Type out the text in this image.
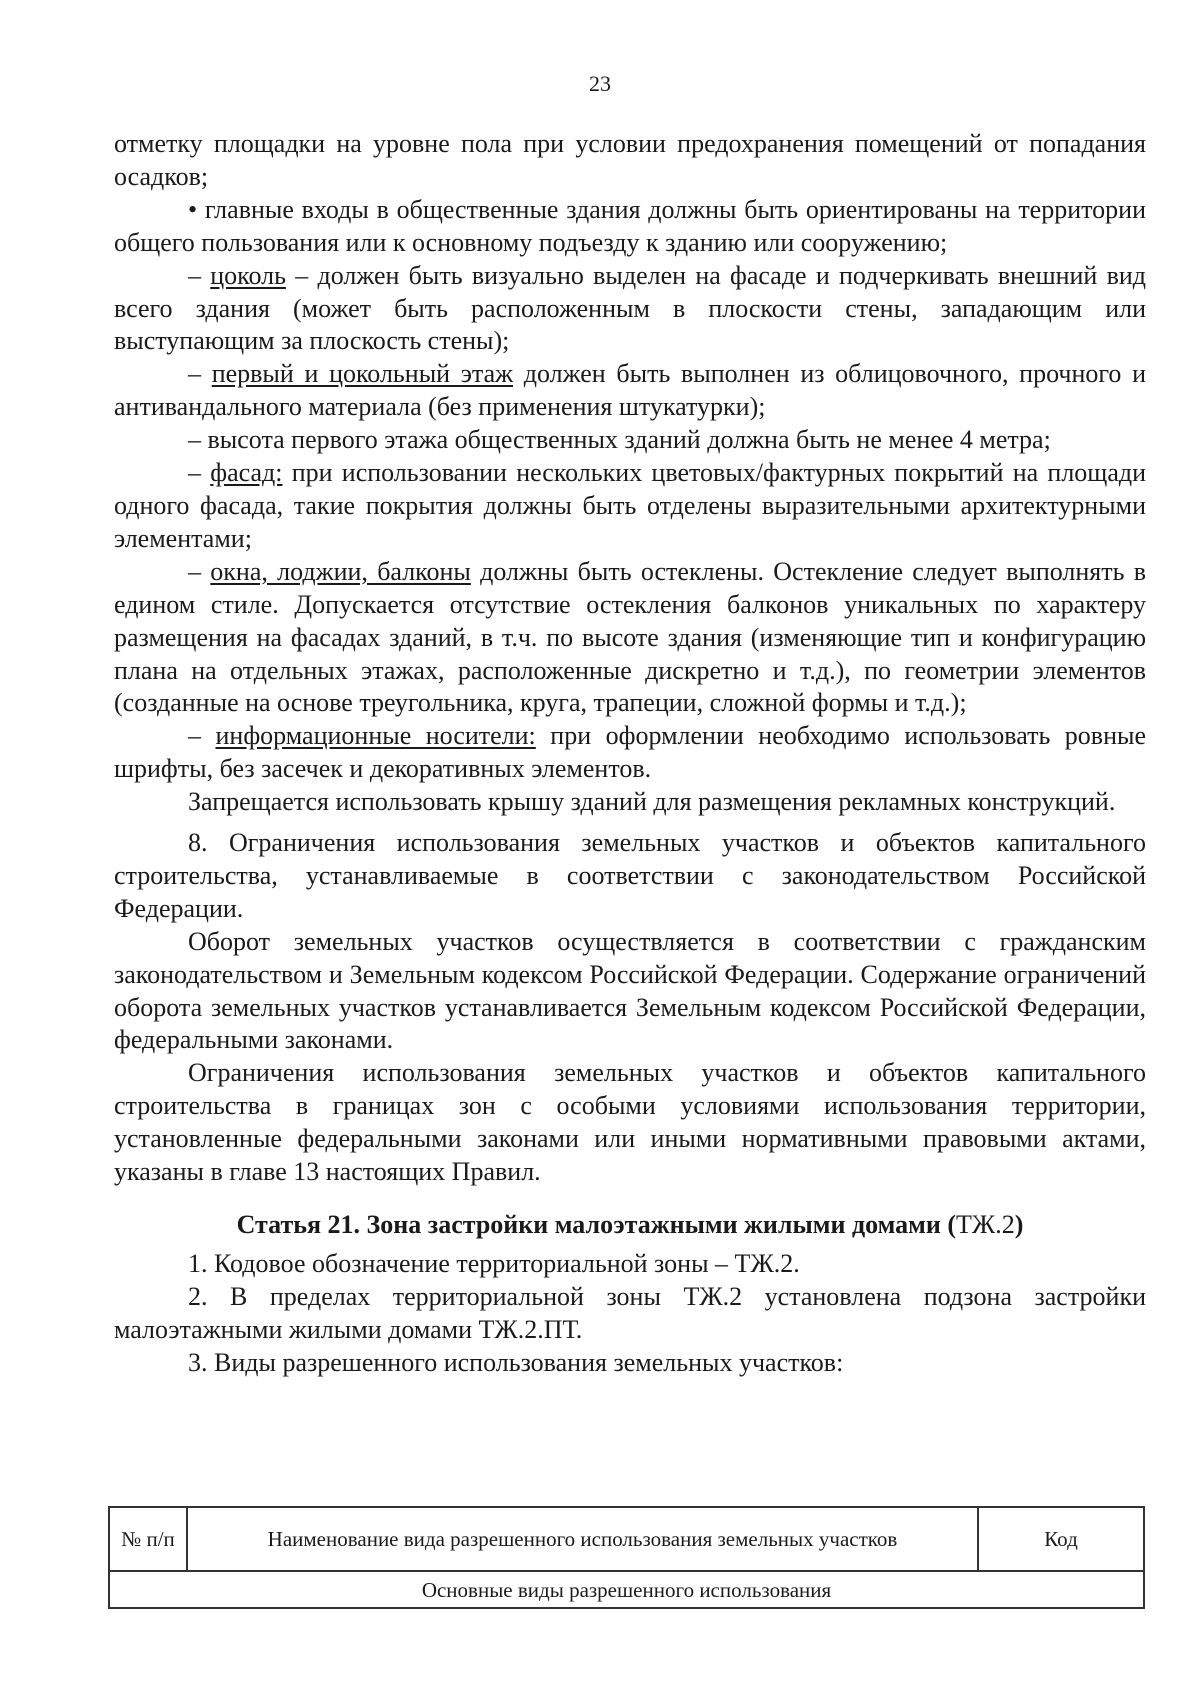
23

отметку площадки на уровне пола при условии предохранения помещений от попадания осадков;

• главные входы в общественные здания должны быть ориентированы на территории общего пользования или к основному подъезду к зданию или сооружению;

– цоколь – должен быть визуально выделен на фасаде и подчеркивать внешний вид всего здания (может быть расположенным в плоскости стены, западающим или выступающим за плоскость стены);

– первый и цокольный этаж должен быть выполнен из облицовочного, прочного и антивандального материала (без применения штукатурки);

– высота первого этажа общественных зданий должна быть не менее 4 метра;

– фасад: при использовании нескольких цветовых/фактурных покрытий на площади одного фасада, такие покрытия должны быть отделены выразительными архитектурными элементами;

– окна, лоджии, балконы должны быть остеклены. Остекление следует выполнять в едином стиле. Допускается отсутствие остекления балконов уникальных по характеру размещения на фасадах зданий, в т.ч. по высоте здания (изменяющие тип и конфигурацию плана на отдельных этажах, расположенные дискретно и т.д.), по геометрии элементов (созданные на основе треугольника, круга, трапеции, сложной формы и т.д.);

– информационные носители: при оформлении необходимо использовать ровные шрифты, без засечек и декоративных элементов.

Запрещается использовать крышу зданий для размещения рекламных конструкций.

8. Ограничения использования земельных участков и объектов капитального строительства, устанавливаемые в соответствии с законодательством Российской Федерации.

Оборот земельных участков осуществляется в соответствии с гражданским законодательством и Земельным кодексом Российской Федерации. Содержание ограничений оборота земельных участков устанавливается Земельным кодексом Российской Федерации, федеральными законами.

Ограничения использования земельных участков и объектов капитального строительства в границах зон с особыми условиями использования территории, установленные федеральными законами или иными нормативными правовыми актами, указаны в главе 13 настоящих Правил.

Статья 21. Зона застройки малоэтажными жилыми домами (ТЖ.2)

1. Кодовое обозначение территориальной зоны – ТЖ.2.

2. В пределах территориальной зоны ТЖ.2 установлена подзона застройки малоэтажными жилыми домами ТЖ.2.ПТ.

3. Виды разрешенного использования земельных участков:

№ п/п	Наименование вида разрешенного использования земельных участков	Код
Основные виды разрешенного использования
